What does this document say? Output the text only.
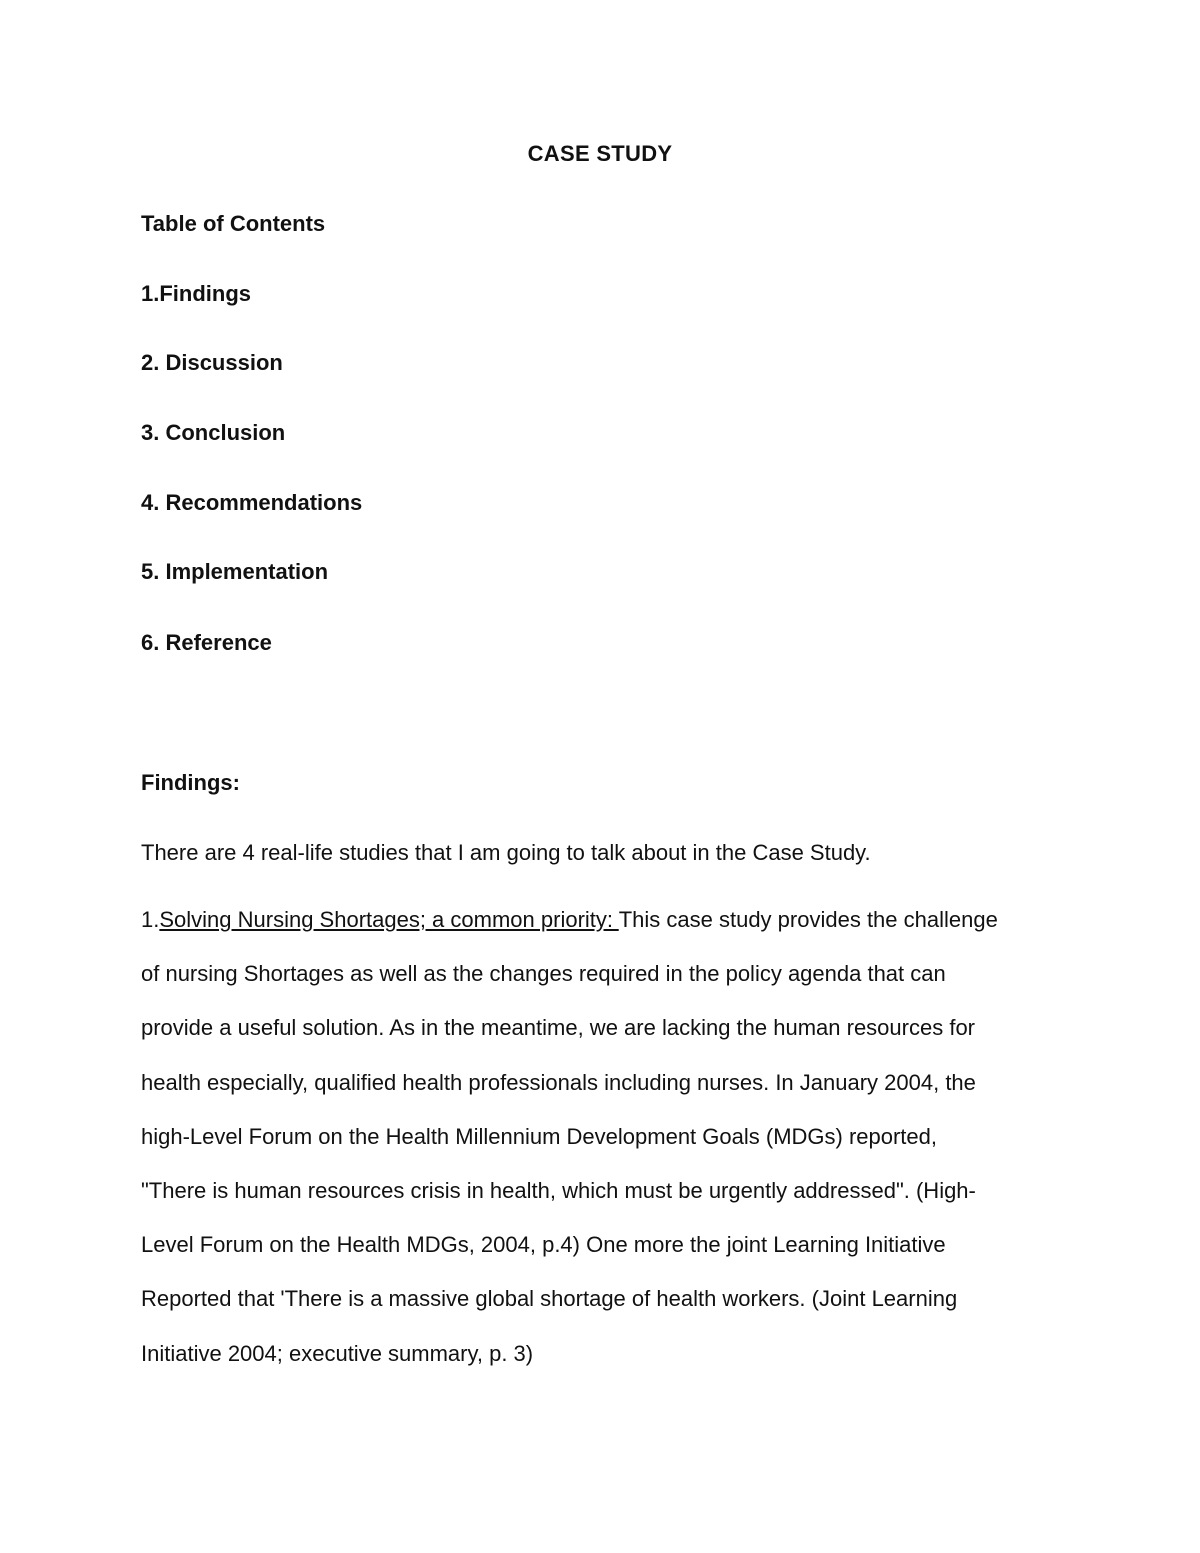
CASE STUDY
Table of Contents
1.Findings
2. Discussion
3. Conclusion
4. Recommendations
5. Implementation
6. Reference
Findings:
There are 4 real-life studies that I am going to talk about in the Case Study.
1.Solving Nursing Shortages; a common priority: This case study provides the challenge
of nursing Shortages as well as the changes required in the policy agenda that can
provide a useful solution. As in the meantime, we are lacking the human resources for
health especially, qualified health professionals including nurses. In January 2004, the
high-Level Forum on the Health Millennium Development Goals (MDGs) reported,
"There is human resources crisis in health, which must be urgently addressed". (High-
Level Forum on the Health MDGs, 2004, p.4) One more the joint Learning Initiative
Reported that 'There is a massive global shortage of health workers. (Joint Learning
Initiative 2004; executive summary, p. 3)
